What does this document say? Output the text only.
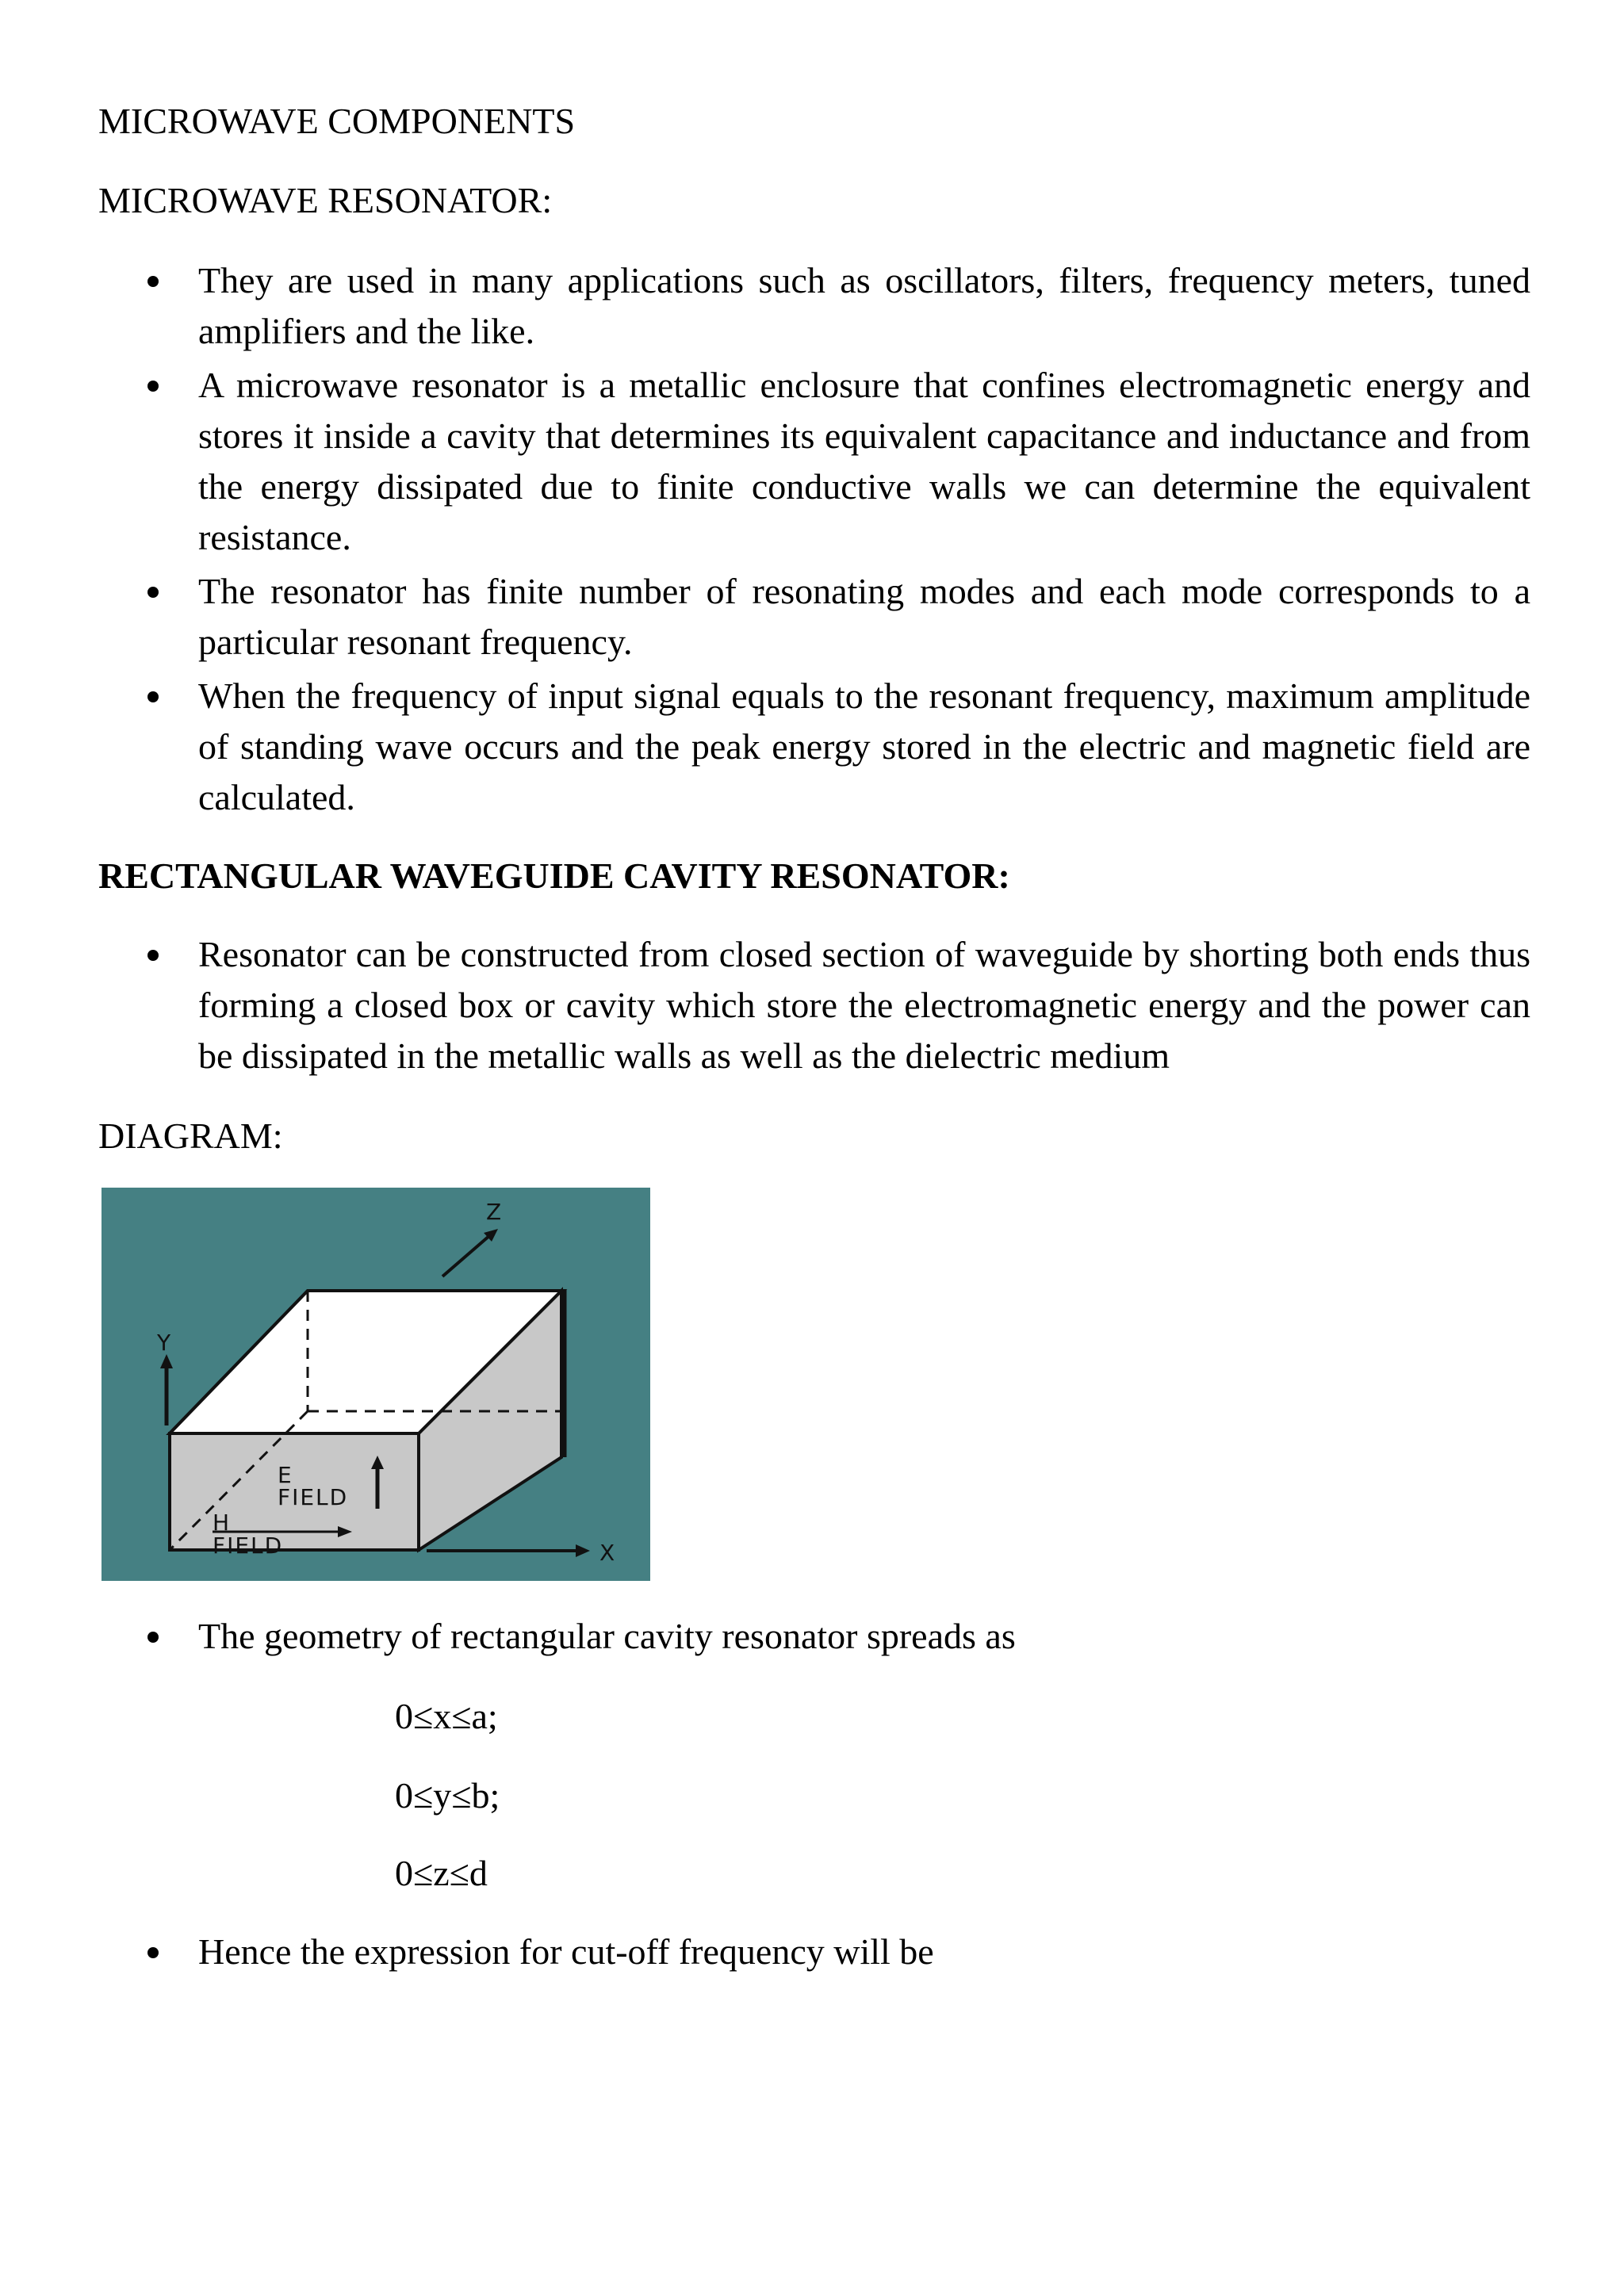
MICROWAVE COMPONENTS
MICROWAVE RESONATOR:
They are used in many applications such as oscillators, filters, frequency meters, tuned amplifiers and the like.
A microwave resonator is a metallic enclosure that confines electromagnetic energy and stores it inside a cavity that determines its equivalent capacitance and inductance and from the energy dissipated due to finite conductive walls we can determine the equivalent resistance.
The resonator has finite number of resonating modes and each mode corresponds to a particular resonant frequency.
When the frequency of input signal equals to the resonant frequency, maximum amplitude of standing wave occurs and the peak energy stored in the electric and magnetic field are calculated.
RECTANGULAR WAVEGUIDE CAVITY RESONATOR:
Resonator can be constructed from closed section of waveguide by shorting both ends thus forming a closed box or cavity which store the electromagnetic energy and the power can be dissipated in the metallic walls as well as the dielectric medium
DIAGRAM:
Y
Z
X
E
FIELD
H
FIELD
The geometry of rectangular cavity resonator spreads as
0≤x≤a;
0≤y≤b;
0≤z≤d
Hence the expression for cut-off frequency will be
